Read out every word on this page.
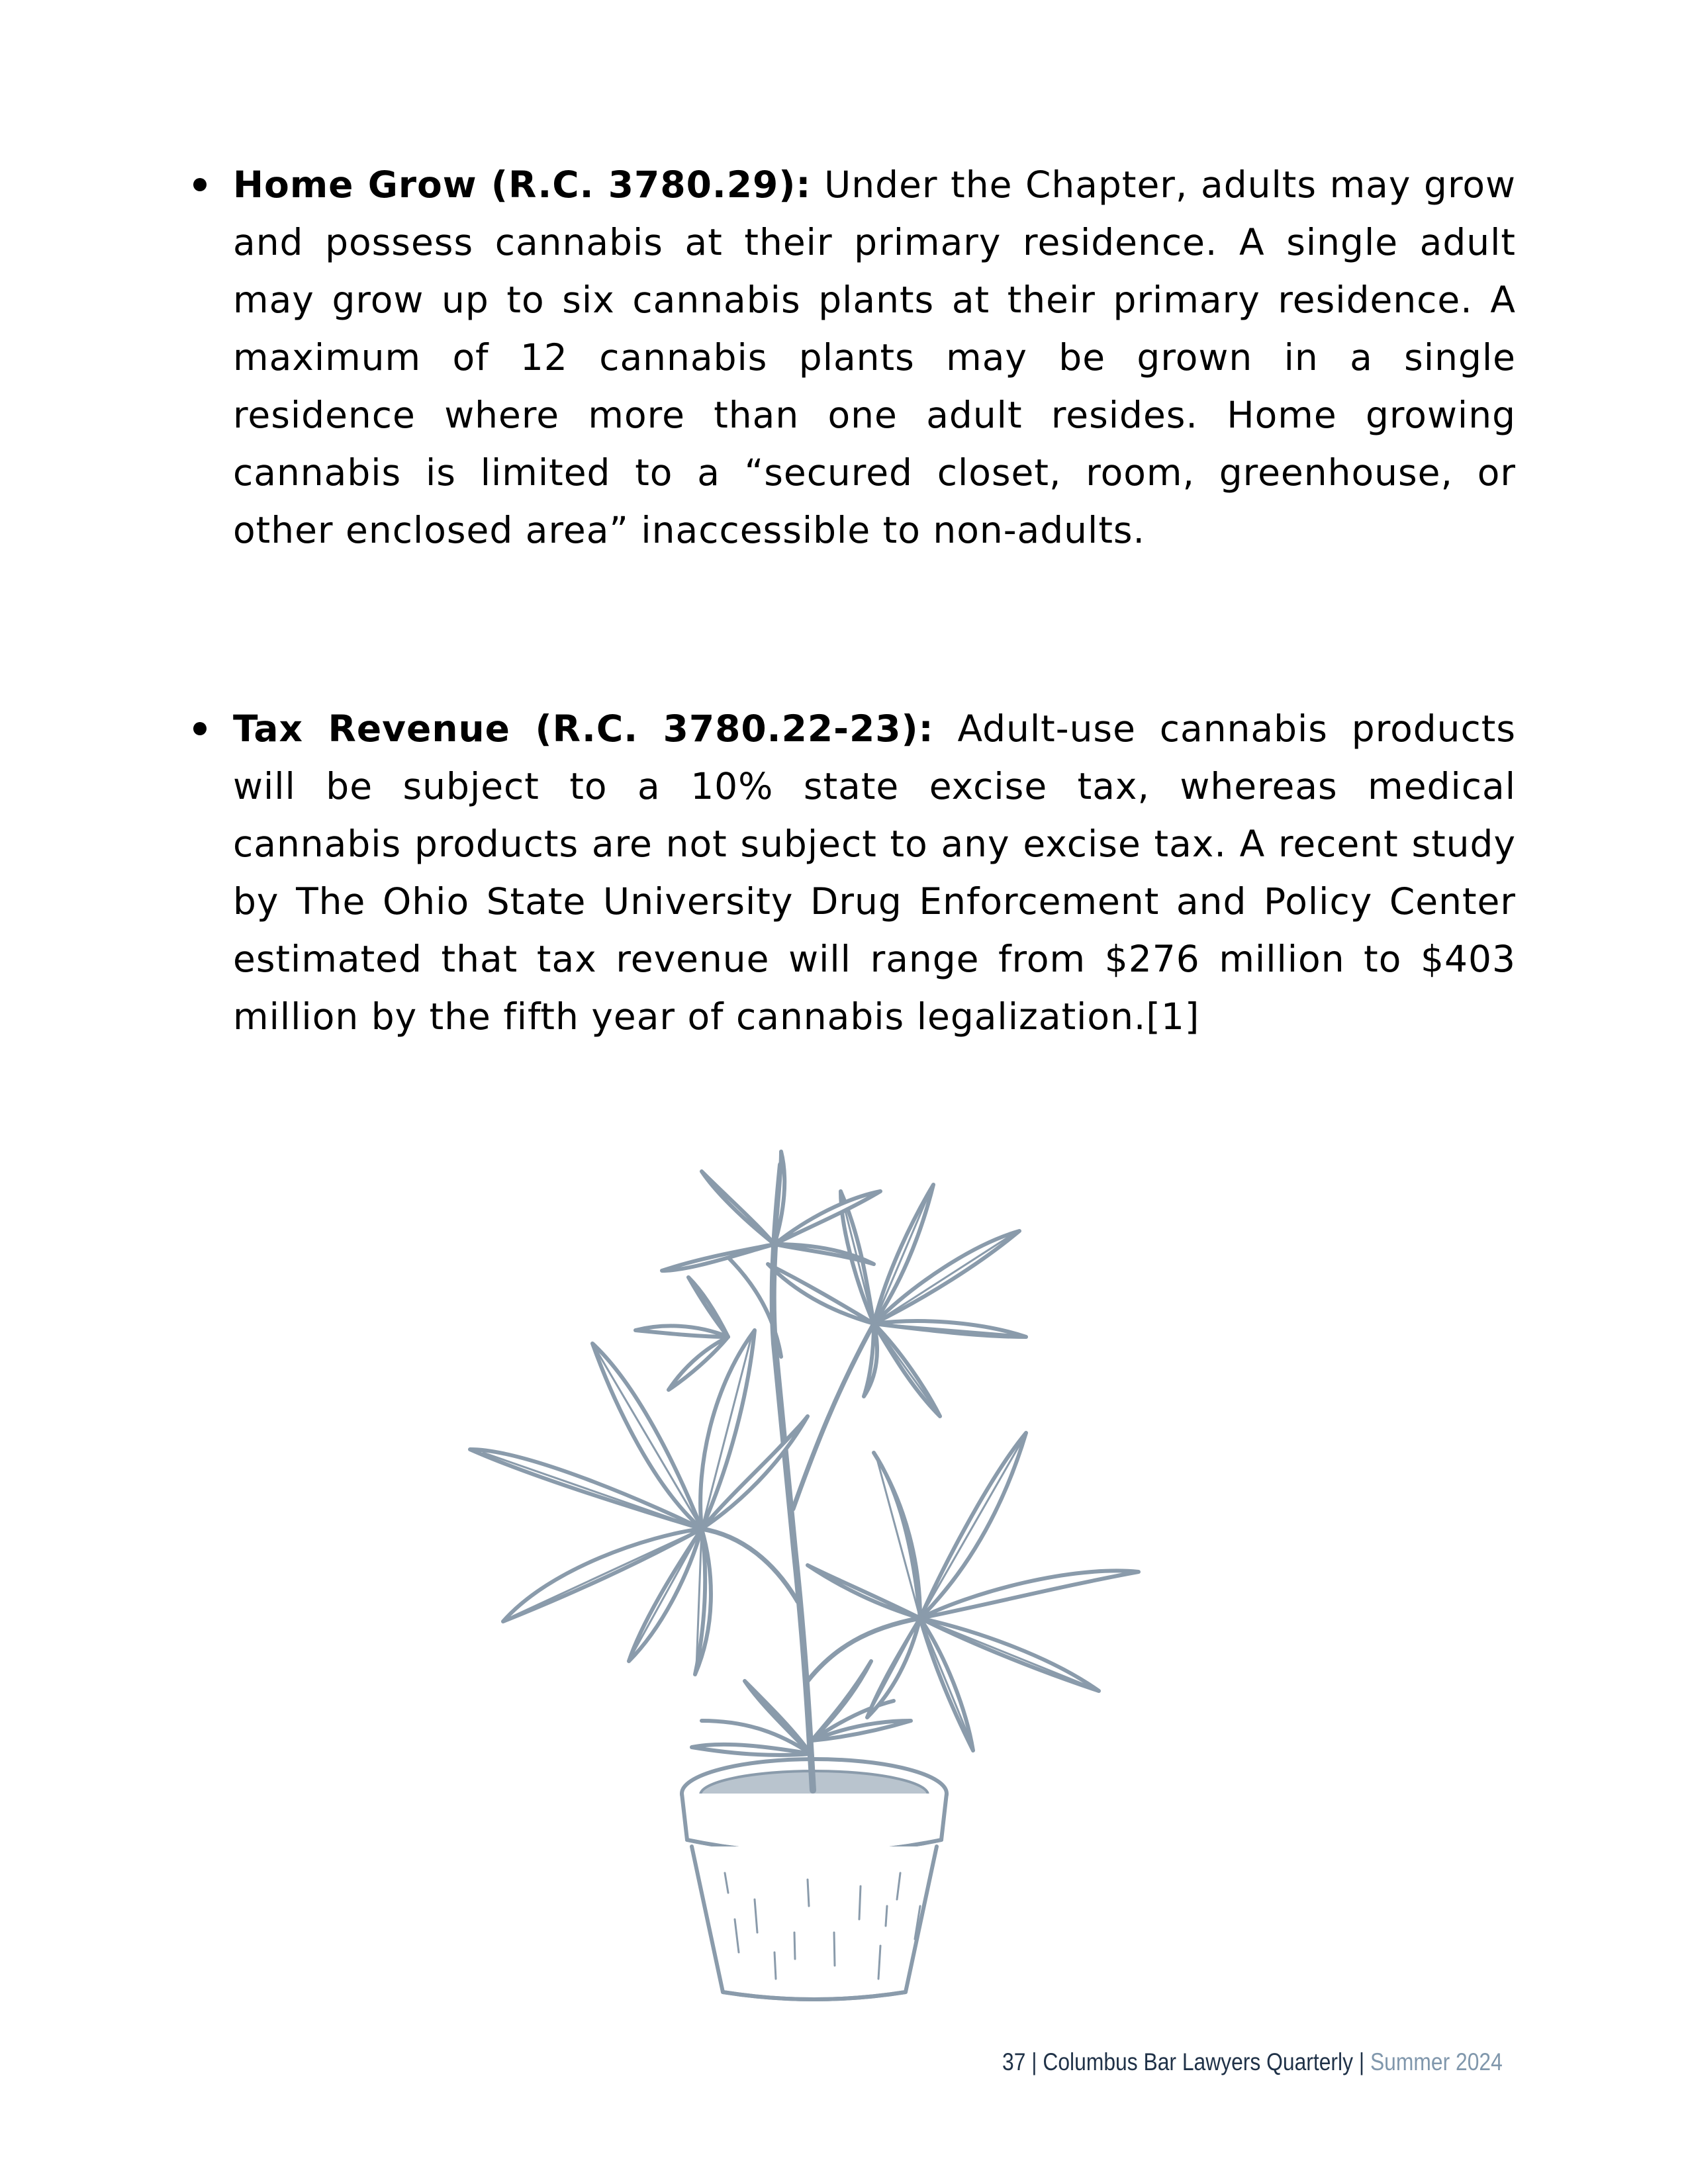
Home Grow (R.C. 3780.29): Under the Chapter, adults may grow and possess cannabis at their primary residence. A single adult may grow up to six cannabis plants at their primary residence. A maximum of 12 cannabis plants may be grown in a single residence where more than one adult resides. Home growing cannabis is limited to a “secured closet, room, greenhouse, or other enclosed area” inaccessible to non-adults.
Tax Revenue (R.C. 3780.22-23): Adult-use cannabis products will be subject to a 10% state excise tax, whereas medical cannabis products are not subject to any excise tax. A recent study by The Ohio State University Drug Enforcement and Policy Center estimated that tax revenue will range from $276 million to $403 million by the fifth year of cannabis legalization.[1]
37 | Columbus Bar Lawyers Quarterly | Summer 2024
